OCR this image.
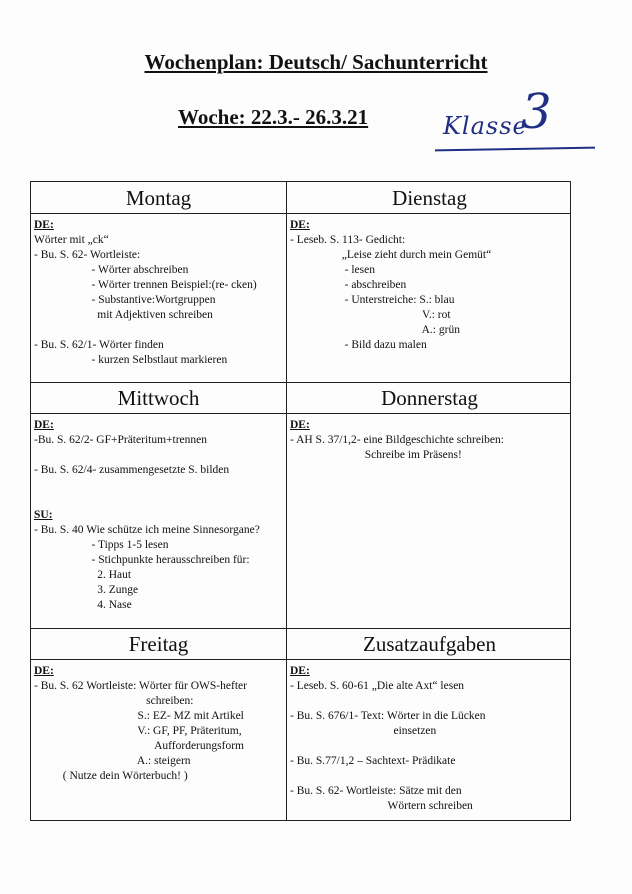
Wochenplan: Deutsch/ Sachunterricht
Woche: 22.3.- 26.3.21	Klasse
3
Montag
DE:
Wörter mit „ck“
- Bu. S. 62- Wortleiste:
- Wörter abschreiben
- Wörter trennen Beispiel:(re- cken)
- Substantive:Wortgruppen
mit Adjektiven schreiben
- Bu. S. 62/1- Wörter finden
- kurzen Selbstlaut markieren
Dienstag
DE:
- Leseb. S. 113- Gedicht:
„Leise zieht durch mein Gemüt“
- lesen
- abschreiben
- Unterstreiche: S.: blau
V.: rot
A.: grün
- Bild dazu malen
Mittwoch
DE:
-Bu. S. 62/2- GF+Präteritum+trennen
- Bu. S. 62/4- zusammengesetzte S. bilden
SU:
- Bu. S. 40 Wie schütze ich meine Sinnesorgane?
- Tipps 1-5 lesen
- Stichpunkte herausschreiben für:
2. Haut
3. Zunge
4. Nase
Donnerstag
DE:
- AH S. 37/1,2- eine Bildgeschichte schreiben:
Schreibe im Präsens!
Freitag
DE:
- Bu. S. 62 Wortleiste: Wörter für OWS-hefter
schreiben:
S.: EZ- MZ mit Artikel
V.: GF, PF, Präteritum,
Aufforderungsform
A.: steigern
( Nutze dein Wörterbuch! )
Zusatzaufgaben
DE:
- Leseb. S. 60-61 „Die alte Axt“ lesen
- Bu. S. 676/1- Text: Wörter in die Lücken
einsetzen
- Bu. S.77/1,2 – Sachtext- Prädikate
- Bu. S. 62- Wortleiste: Sätze mit den
Wörtern schreiben
